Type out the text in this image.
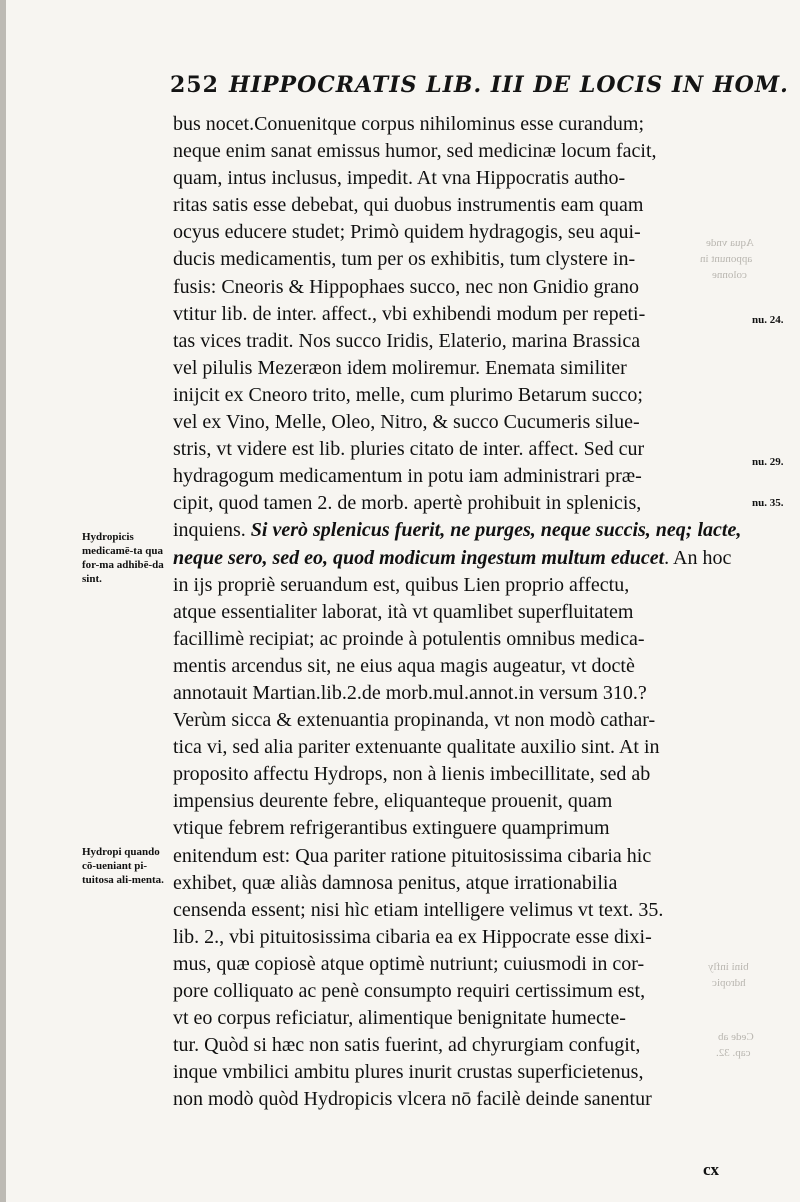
Aqua vnde
apponunt in
colonne
bini infly
hdropic
Cede ab
cap. 32.
252 HIPPOCRATIS LIB. III DE LOCIS IN HOM.
bus nocet.Conuenitque corpus nihilominus esse curandum;
neque enim sanat emissus humor, sed medicinæ locum facit,
quam, intus inclusus, impedit. At vna Hippocratis autho-
ritas satis esse debebat, qui duobus instrumentis eam quam
ocyus educere studet; Primò quidem hydragogis, seu aqui-
ducis medicamentis, tum per os exhibitis, tum clystere in-
fusis: Cneoris & Hippophaes succo, nec non Gnidio grano
vtitur lib. de inter. affect., vbi exhibendi modum per repeti-
tas vices tradit. Nos succo Iridis, Elaterio, marina Brassica
vel pilulis Mezeræon idem moliremur. Enemata similiter
inijcit ex Cneoro trito, melle, cum plurimo Betarum succo;
vel ex Vino, Melle, Oleo, Nitro, & succo Cucumeris silue-
stris, vt videre est lib. pluries citato de inter. affect. Sed cur
hydragogum medicamentum in potu iam administrari præ-
cipit, quod tamen 2. de morb. apertè prohibuit in splenicis,
inquiens. Si verò splenicus fuerit, ne purges, neque succis, neq; lacte,
neque sero, sed eo, quod modicum ingestum multum educet. An hoc
in ijs propriè seruandum est, quibus Lien proprio affectu,
atque essentialiter laborat, ità vt quamlibet superfluitatem
facillimè recipiat; ac proinde à potulentis omnibus medica-
mentis arcendus sit, ne eius aqua magis augeatur, vt doctè
annotauit Martian.lib.2.de morb.mul.annot.in versum 310.?
Verùm sicca & extenuantia propinanda, vt non modò cathar-
tica vi, sed alia pariter extenuante qualitate auxilio sint. At in
proposito affectu Hydrops, non à lienis imbecillitate, sed ab
impensius deurente febre, eliquanteque prouenit, quam
vtique febrem refrigerantibus extinguere quamprimum
enitendum est: Qua pariter ratione pituitosissima cibaria hic
exhibet, quæ aliàs damnosa penitus, atque irrationabilia
censenda essent; nisi hìc etiam intelligere velimus vt text. 35.
lib. 2., vbi pituitosissima cibaria ea ex Hippocrate esse dixi-
mus, quæ copiosè atque optimè nutriunt; cuiusmodi in cor-
pore colliquato ac penè consumpto requiri certissimum est,
vt eo corpus reficiatur, alimentique benignitate humecte-
tur. Quòd si hæc non satis fuerint, ad chyrurgiam confugit,
inque vmbilici ambitu plures inurit crustas superficietenus,
non modò quòd Hydropicis vlcera nō facilè deinde sanentur
Hydropicis medicamē-ta qua for-ma adhibē-da sint.
Hydropi quando cō-ueniant pi-tuitosa ali-menta.
nu. 24.
nu. 29.
nu. 35.
cx
